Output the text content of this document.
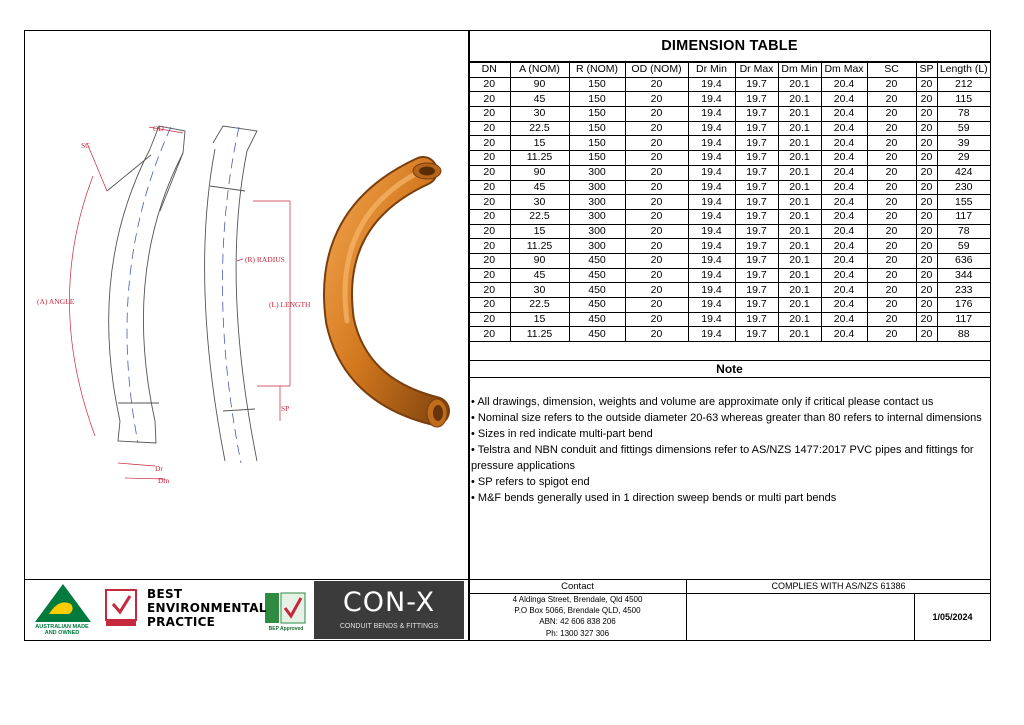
OD
SC
(R) RADIUS
(A) ANGLE	(L) LENGTH
SP
Dr
Dm
DIMENSION TABLE
DN	A (NOM)	R (NOM)	OD (NOM)	Dr Min	Dr Max	Dm Min	Dm Max	SC	SP	Length (L)
20	90	150	20	19.4	19.7	20.1	20.4	20	20	212
20	45	150	20	19.4	19.7	20.1	20.4	20	20	115
20	30	150	20	19.4	19.7	20.1	20.4	20	20	78
20	22.5	150	20	19.4	19.7	20.1	20.4	20	20	59
20	15	150	20	19.4	19.7	20.1	20.4	20	20	39
20	11.25	150	20	19.4	19.7	20.1	20.4	20	20	29
20	90	300	20	19.4	19.7	20.1	20.4	20	20	424
20	45	300	20	19.4	19.7	20.1	20.4	20	20	230
20	30	300	20	19.4	19.7	20.1	20.4	20	20	155
20	22.5	300	20	19.4	19.7	20.1	20.4	20	20	117
20	15	300	20	19.4	19.7	20.1	20.4	20	20	78
20	11.25	300	20	19.4	19.7	20.1	20.4	20	20	59
20	90	450	20	19.4	19.7	20.1	20.4	20	20	636
20	45	450	20	19.4	19.7	20.1	20.4	20	20	344
20	30	450	20	19.4	19.7	20.1	20.4	20	20	233
20	22.5	450	20	19.4	19.7	20.1	20.4	20	20	176
20	15	450	20	19.4	19.7	20.1	20.4	20	20	117
20	11.25	450	20	19.4	19.7	20.1	20.4	20	20	88
Note
• All drawings, dimension, weights and volume are approximate only if critical please contact us
• Nominal size refers to the outside diameter 20-63 whereas greater than 80 refers to internal dimensions
• Sizes in red indicate multi-part bend
• Telstra and NBN conduit and fittings dimensions refer to AS/NZS 1477:2017 PVC pipes and fittings for pressure applications
• SP refers to spigot end
• M&F bends generally used in 1 direction sweep bends or multi part bends
AUSTRALIAN MADE AND OWNED
BEST
ENVIRONMENTAL
PRACTICE	BEP Approved
CON-X
CONDUIT BENDS & FITTINGS
Contact
4 Aldinga Street, Brendale, Qld 4500
P.O Box 5066, Brendale QLD, 4500
ABN: 42 606 838 206
Ph: 1300 327 306
COMPLIES WITH AS/NZS 61386
1/05/2024
